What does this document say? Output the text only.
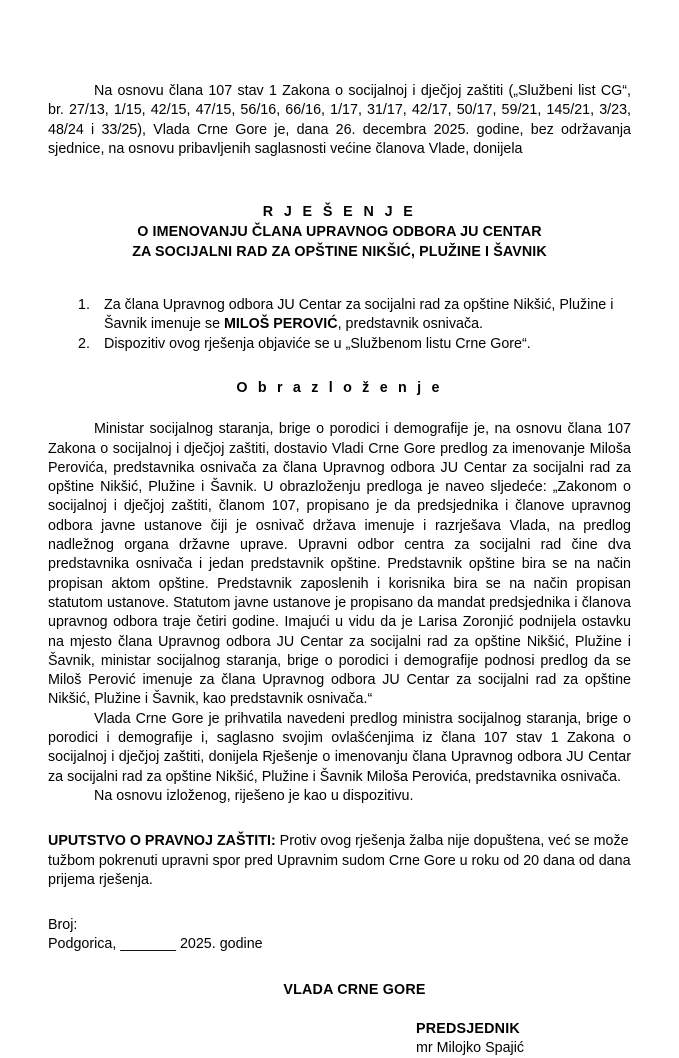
Na osnovu člana 107 stav 1 Zakona o socijalnoj i dječjoj zaštiti („Službeni list CG“, br. 27/13, 1/15, 42/15, 47/15, 56/16, 66/16, 1/17, 31/17, 42/17, 50/17, 59/21, 145/21, 3/23, 48/24 i 33/25), Vlada Crne Gore je, dana 26. decembra 2025. godine, bez održavanja sjednice, na osnovu pribavljenih saglasnosti većine članova Vlade, donijela

R J E Š E N J E
O IMENOVANJU ČLANA UPRAVNOG ODBORA JU CENTAR
ZA SOCIJALNI RAD ZA OPŠTINE NIKŠIĆ, PLUŽINE I ŠAVNIK
Za člana Upravnog odbora JU Centar za socijalni rad za opštine Nikšić, Plužine i Šavnik imenuje se MILOŠ PEROVIĆ, predstavnik osnivača.
Dispozitiv ovog rješenja objaviće se u „Službenom listu Crne Gore“.
O b r a z l o ž e n j e

Ministar socijalnog staranja, brige o porodici i demografije je, na osnovu člana 107 Zakona o socijalnoj i dječjoj zaštiti, dostavio Vladi Crne Gore predlog za imenovanje Miloša Perovića, predstavnika osnivača za člana Upravnog odbora JU Centar za socijalni rad za opštine Nikšić, Plužine i Šavnik. U obrazloženju predloga je naveo sljedeće: „Zakonom o socijalnoj i dječjoj zaštiti, članom 107, propisano je da predsjednika i članove upravnog odbora javne ustanove čiji je osnivač država imenuje i razrješava Vlada, na predlog nadležnog organa državne uprave. Upravni odbor centra za socijalni rad čine dva predstavnika osnivača i jedan predstavnik opštine. Predstavnik opštine bira se na način propisan aktom opštine. Predstavnik zaposlenih i korisnika bira se na način propisan statutom ustanove. Statutom javne ustanove je propisano da mandat predsjednika i članova upravnog odbora traje četiri godine. Imajući u vidu da je Larisa Zoronjić podnijela ostavku na mjesto člana Upravnog odbora JU Centar za socijalni rad za opštine Nikšić, Plužine i Šavnik, ministar socijalnog staranja, brige o porodici i demografije podnosi predlog da se Miloš Perović imenuje za člana Upravnog odbora JU Centar za socijalni rad za opštine Nikšić, Plužine i Šavnik, kao predstavnik osnivača.“

Vlada Crne Gore je prihvatila navedeni predlog ministra socijalnog staranja, brige o porodici i demografije i, saglasno svojim ovlašćenjima iz člana 107 stav 1 Zakona o socijalnoj i dječjoj zaštiti, donijela Rješenje o imenovanju člana Upravnog odbora JU Centar za socijalni rad za opštine Nikšić, Plužine i Šavnik Miloša Perovića, predstavnika osnivača.

Na osnovu izloženog, riješeno je kao u dispozitivu.

UPUTSTVO O PRAVNOJ ZAŠTITI: Protiv ovog rješenja žalba nije dopuštena, već se može tužbom pokrenuti upravni spor pred Upravnim sudom Crne Gore u roku od 20 dana od dana prijema rješenja.

Broj:
Podgorica, _______ 2025. godine
VLADA CRNE GORE
PREDSJEDNIK
mr Milojko Spajić
